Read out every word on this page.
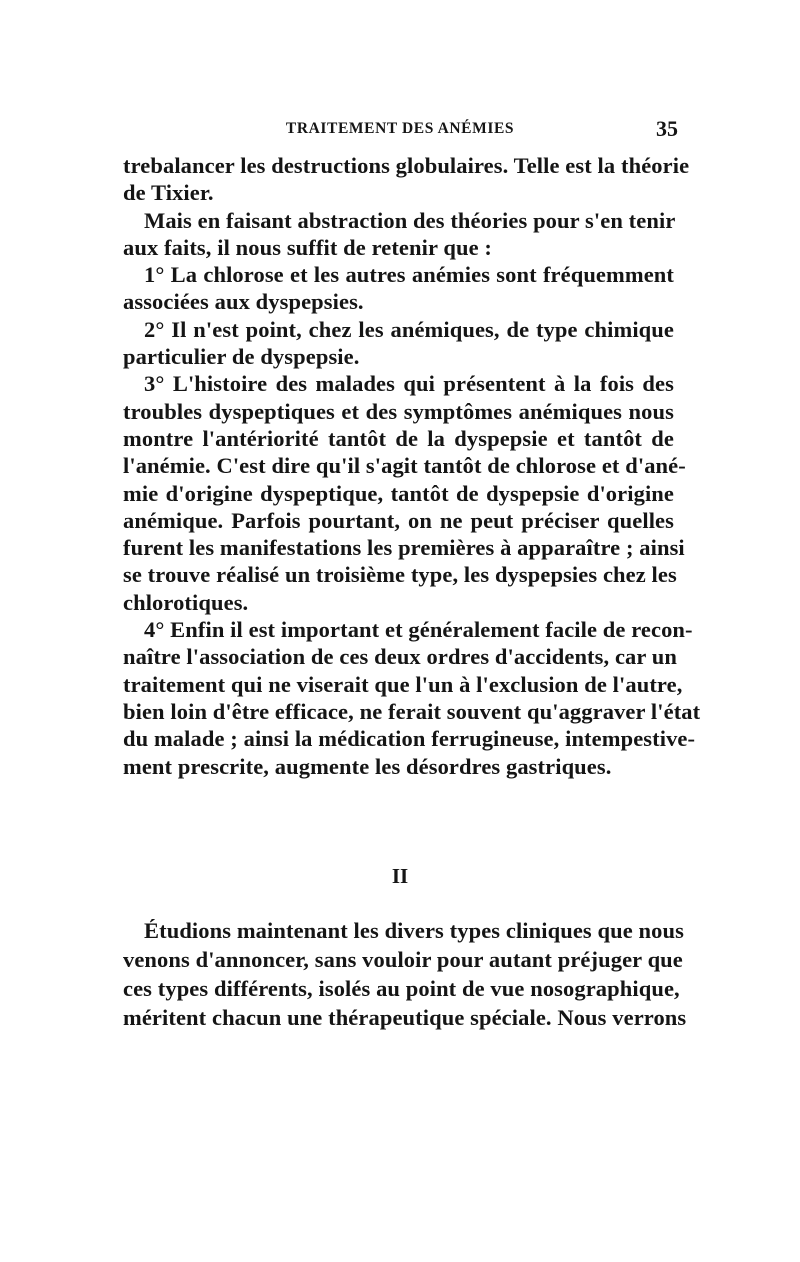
TRAITEMENT DES ANÉMIES	35
trebalancer les destructions globulaires. Telle est la théorie
de Tixier.
Mais en faisant abstraction des théories pour s'en tenir
aux faits, il nous suffit de retenir que :
1° La chlorose et les autres anémies sont fréquemment
associées aux dyspepsies.
2° Il n'est point, chez les anémiques, de type chimique
particulier de dyspepsie.
3° L'histoire des malades qui présentent à la fois des
troubles dyspeptiques et des symptômes anémiques nous
montre l'antériorité tantôt de la dyspepsie et tantôt de
l'anémie. C'est dire qu'il s'agit tantôt de chlorose et d'ané-
mie d'origine dyspeptique, tantôt de dyspepsie d'origine
anémique. Parfois pourtant, on ne peut préciser quelles
furent les manifestations les premières à apparaître ; ainsi
se trouve réalisé un troisième type, les dyspepsies chez les
chlorotiques.
4° Enfin il est important et généralement facile de recon-
naître l'association de ces deux ordres d'accidents, car un
traitement qui ne viserait que l'un à l'exclusion de l'autre,
bien loin d'être efficace, ne ferait souvent qu'aggraver l'état
du malade ; ainsi la médication ferrugineuse, intempestive-
ment prescrite, augmente les désordres gastriques.
II
Étudions maintenant les divers types cliniques que nous
venons d'annoncer, sans vouloir pour autant préjuger que
ces types différents, isolés au point de vue nosographique,
méritent chacun une thérapeutique spéciale. Nous verrons
